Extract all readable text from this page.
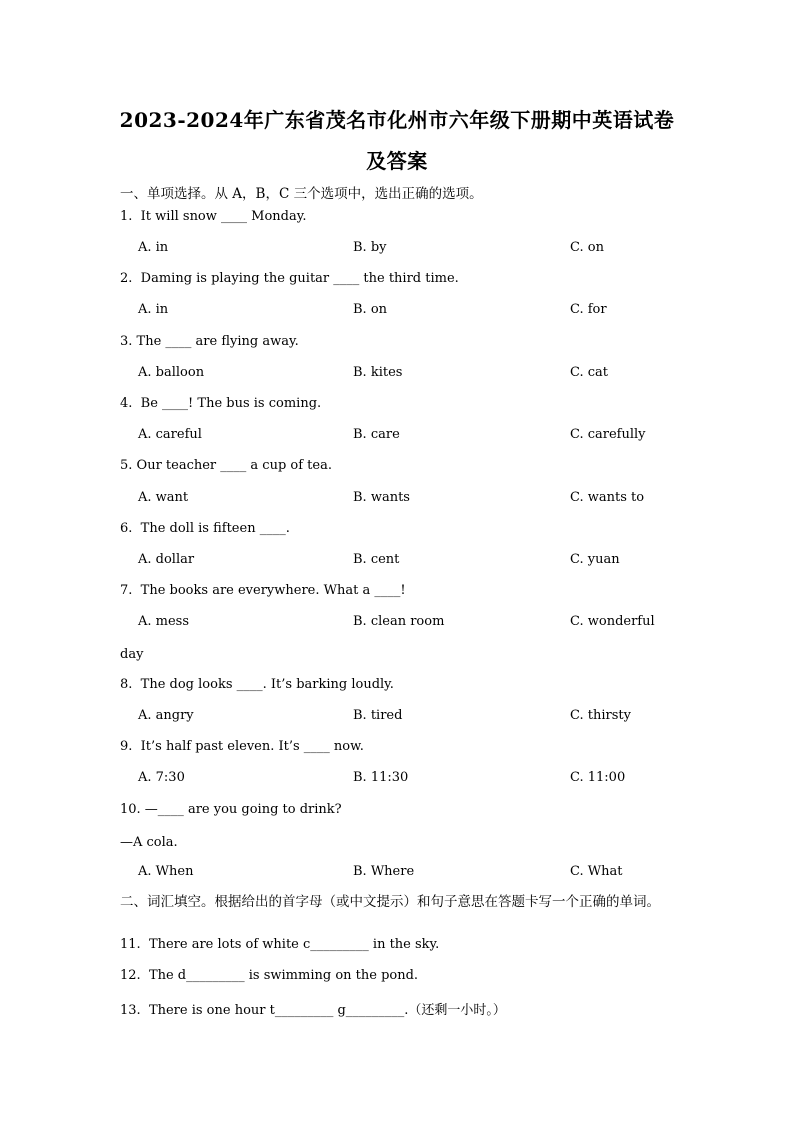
2023-2024年广东省茂名市化州市六年级下册期中英语试卷
及答案
一、单项选择。从 A，B，C 三个选项中，选出正确的选项。
1.  It will snow ____ Monday.
A. in	B. by	C. on
2.  Daming is playing the guitar ____ the third time.
A. in	B. on	C. for
3. The ____ are flying away.
A. balloon	B. kites	C. cat
4.  Be ____! The bus is coming.
A. careful	B. care	C. carefully
5. Our teacher ____ a cup of tea.
A. want	B. wants	C. wants to
6.  The doll is fifteen ____.
A. dollar	B. cent	C. yuan
7.  The books are everywhere. What a ____!
A. mess	B. clean room	C. wonderful
day
8.  The dog looks ____. It’s barking loudly.
A. angry	B. tired	C. thirsty
9.  It’s half past eleven. It’s ____ now.
A. 7:30	B. 11:30	C. 11:00
10. —____ are you going to drink?
—A cola.
A. When	B. Where	C. What
二、词汇填空。根据给出的首字母（或中文提示）和句子意思在答题卡写一个正确的单词。
11.  There are lots of white c_________ in the sky.
12.  The d_________ is swimming on the pond.
13.  There is one hour t_________ g_________.（还剩一小时。）
